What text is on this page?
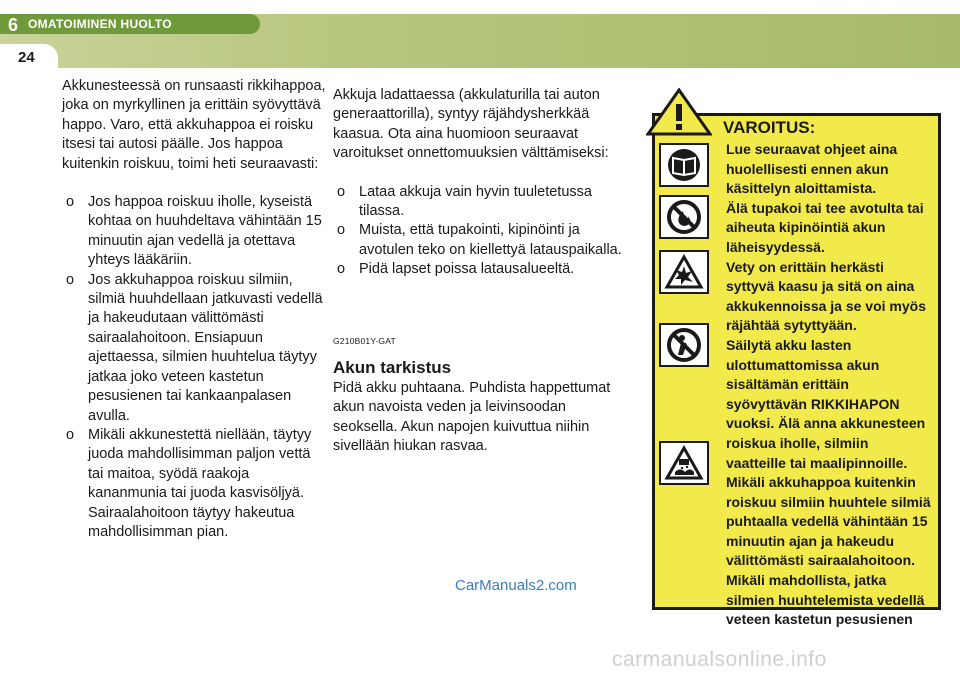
6 OMATOIMINEN HUOLTO
24

Akkunesteessä on runsaasti rikkihappoa, joka on myrkyllinen ja erittäin syövyttävä happo. Varo, että akkuhappoa ei roisku itsesi tai autosi päälle. Jos happoa kuitenkin roiskuu, toimi heti seuraavasti:

o Jos happoa roiskuu iholle, kyseistä kohtaa on huuhdeltava vähintään 15 minuutin ajan vedellä ja otettava yhteys lääkäriin.
o Jos akkuhappoa roiskuu silmiin, silmiä huuhdellaan jatkuvasti vedellä ja hakeudutaan välittömästi sairaalahoitoon. Ensiapuun ajettaessa, silmien huuhtelua täytyy jatkaa joko veteen kastetun pesusienen tai kankaanpalasen avulla.
o Mikäli akkunestettä niellään, täytyy juoda mahdollisimman paljon vettä tai maitoa, syödä raakoja kananmunia tai juoda kasvisöljyä. Sairaalahoitoon täytyy hakeutua mahdollisimman pian.

Akkuja ladattaessa (akkulaturilla tai auton generaattorilla), syntyy räjähdysherkkää kaasua. Ota aina huomioon seuraavat varoitukset onnettomuuksien välttämiseksi:

o Lataa akkuja vain hyvin tuuletetussa tilassa.
o Muista, että tupakointi, kipinöinti ja avotulen teko on kiellettyä latauspaikalla.
o Pidä lapset poissa latausalueeltä.
G210B01Y-GAT
Akun tarkistus

Pidä akku puhtaana. Puhdista happettumat akun navoista veden ja leivinsoodan seoksella. Akun napojen kuivuttua niihin sivellään hiukan rasvaa.

VAROITUS:

Lue seuraavat ohjeet aina huolellisesti ennen akun käsittelyn aloittamista.

Älä tupakoi tai tee avotulta tai aiheuta kipinöintiä akun läheisyydessä.

Vety on erittäin herkästi syttyvä kaasu ja sitä on aina akkukennoissa ja se voi myös räjähtää sytyttyään.

Säilytä akku lasten ulottumattomissa akun sisältämän erittäin syövyttävän RIKKIHAPON vuoksi. Älä anna akkunesteen roiskua iholle, silmiin vaatteille tai maalipinnoille.

Mikäli akkuhappoa kuitenkin roiskuu silmiin huuhtele silmiä puhtaalla vedellä vähintään 15 minuutin ajan ja hakeudu välittömästi sairaalahoitoon. Mikäli mahdollista, jatka silmien huuhtelemista vedellä veteen kastetun pesusienen

CarManuals2.com
carmanualsonline.info
